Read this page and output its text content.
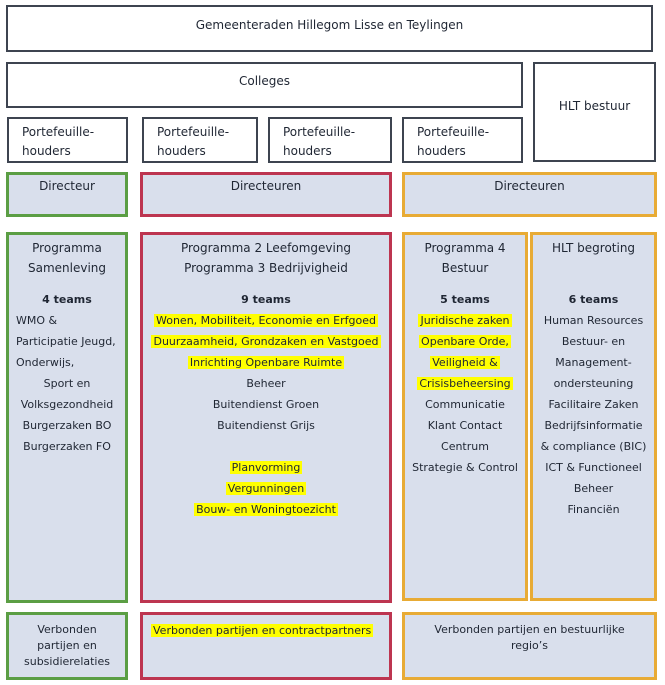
Gemeenteraden Hillegom Lisse en Teylingen
Colleges
HLT bestuur
Portefeuille-
houders
Portefeuille-
houders
Portefeuille-
houders
Portefeuille-
houders
Directeur	Directeuren	Directeuren
Programma
Samenleving
4 teams
WMO &
Participatie Jeugd,
Onderwijs,
Sport en
Volksgezondheid
Burgerzaken BO
Burgerzaken FO
Programma 2 Leefomgeving
Programma 3 Bedrijvigheid
9 teams
Wonen, Mobiliteit, Economie en Erfgoed
Duurzaamheid, Grondzaken en Vastgoed
Inrichting Openbare Ruimte
Beheer
Buitendienst Groen
Buitendienst Grijs
Planvorming
Vergunningen
Bouw- en Woningtoezicht
Programma 4
Bestuur
5 teams
Juridische zaken
Openbare Orde,
Veiligheid &
Crisisbeheersing
Communicatie
Klant Contact
Centrum
Strategie & Control
HLT begroting
6 teams
Human Resources
Bestuur- en
Management-
ondersteuning
Facilitaire Zaken
Bedrijfsinformatie
& compliance (BIC)
ICT & Functioneel
Beheer
Financiën
Verbonden
partijen en
subsidierelaties
Verbonden partijen en contractpartners	Verbonden partijen en bestuurlijke
regio’s
